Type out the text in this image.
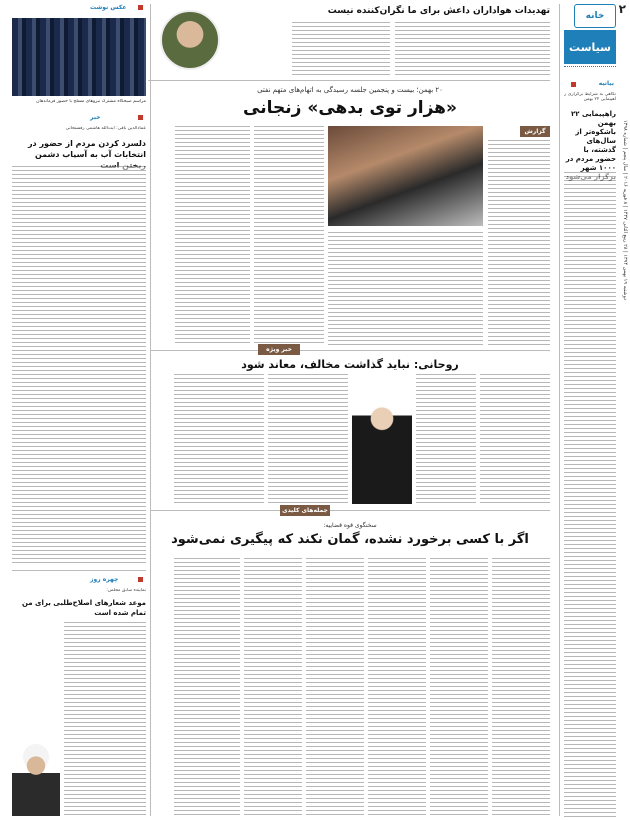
۲
دوشنبه ۱۹ بهمن ۱۳۹۴ | ۲۸ ربیع الثانی ۱۴۳۷ | ۸ فوریه ۲۰۱۶ | سال پنجم | شماره ۱۳۹۸
خانه
سیاست
بیانیه
نگاهی به شرایط برگزاری راهپیمایی ۲۲ بهمن
راهپیمایی ۲۲ بهمن باشکوه‌تر از سال‌های گذشته، با حضور مردم در ۱۰۰۰ شهر
تهدیدات هواداران داعش برای ما نگران‌کننده نیست
عکس نوشت
مراسم صبحگاه مشترک نیروهای مسلح با حضور فرماندهان
۲۰ بهمن؛ بیست و پنجمین جلسه رسیدگی به اتهام‌های متهم نفتی
«هزار توی بدهی» زنجانی
گزارش
خبر
عمادالدین باقی: آیت‌الله هاشمی رفسنجانی
دلسرد کردن مردم از حضور در انتخابات آب به آسیاب دشمن
خبر ویژه
روحانی: نباید گذاشت مخالف، معاند شود
جمله‌های کلیدی
سخنگوی قوه قضاییه:
اگر با کسی برخورد نشده، گمان نکند که پیگیری نمی‌شود
چهره روز
نماینده سابق مجلس:
موعد شعارهای اصلاح‌طلبی برای من تمام شده است
